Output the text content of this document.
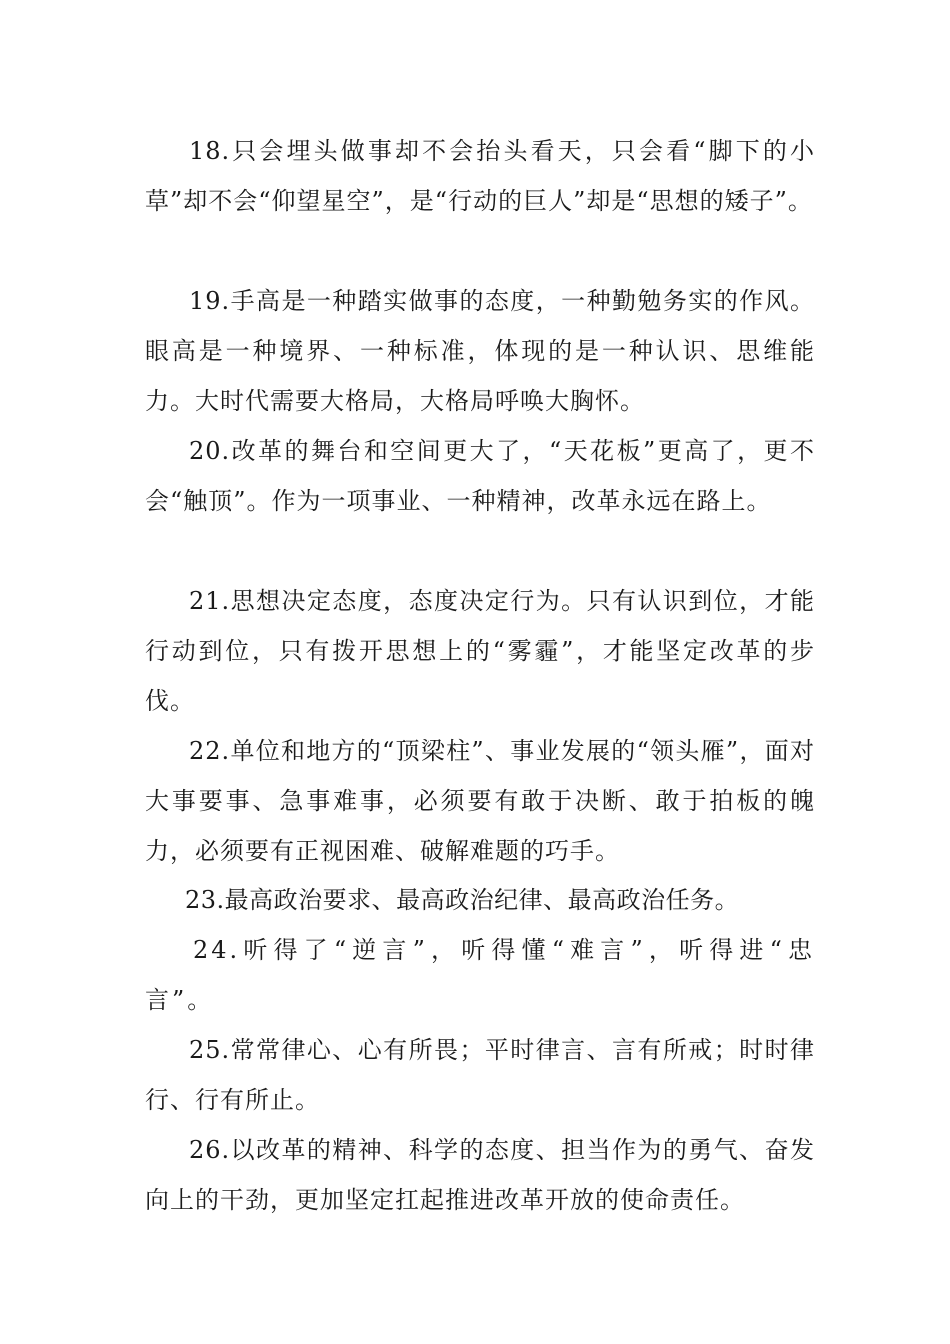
18.只会埋头做事却不会抬头看天，只会看“脚下的小草”却不会“仰望星空”，是“行动的巨人”却是“思想的矮子”。

19.手高是一种踏实做事的态度，一种勤勉务实的作风。眼高是一种境界、一种标准，体现的是一种认识、思维能力。大时代需要大格局，大格局呼唤大胸怀。

20.改革的舞台和空间更大了，“天花板”更高了，更不会“触顶”。作为一项事业、一种精神，改革永远在路上。

21.思想决定态度，态度决定行为。只有认识到位，才能行动到位，只有拨开思想上的“雾霾”，才能坚定改革的步伐。

22.单位和地方的“顶梁柱”、事业发展的“领头雁”，面对大事要事、急事难事，必须要有敢于决断、敢于拍板的魄力，必须要有正视困难、破解难题的巧手。

23.最高政治要求、最高政治纪律、最高政治任务。

24.听得了“逆言”，听得懂“难言”，听得进“忠言”。

25.常常律心、心有所畏；平时律言、言有所戒；时时律行、行有所止。

26.以改革的精神、科学的态度、担当作为的勇气、奋发向上的干劲，更加坚定扛起推进改革开放的使命责任。
